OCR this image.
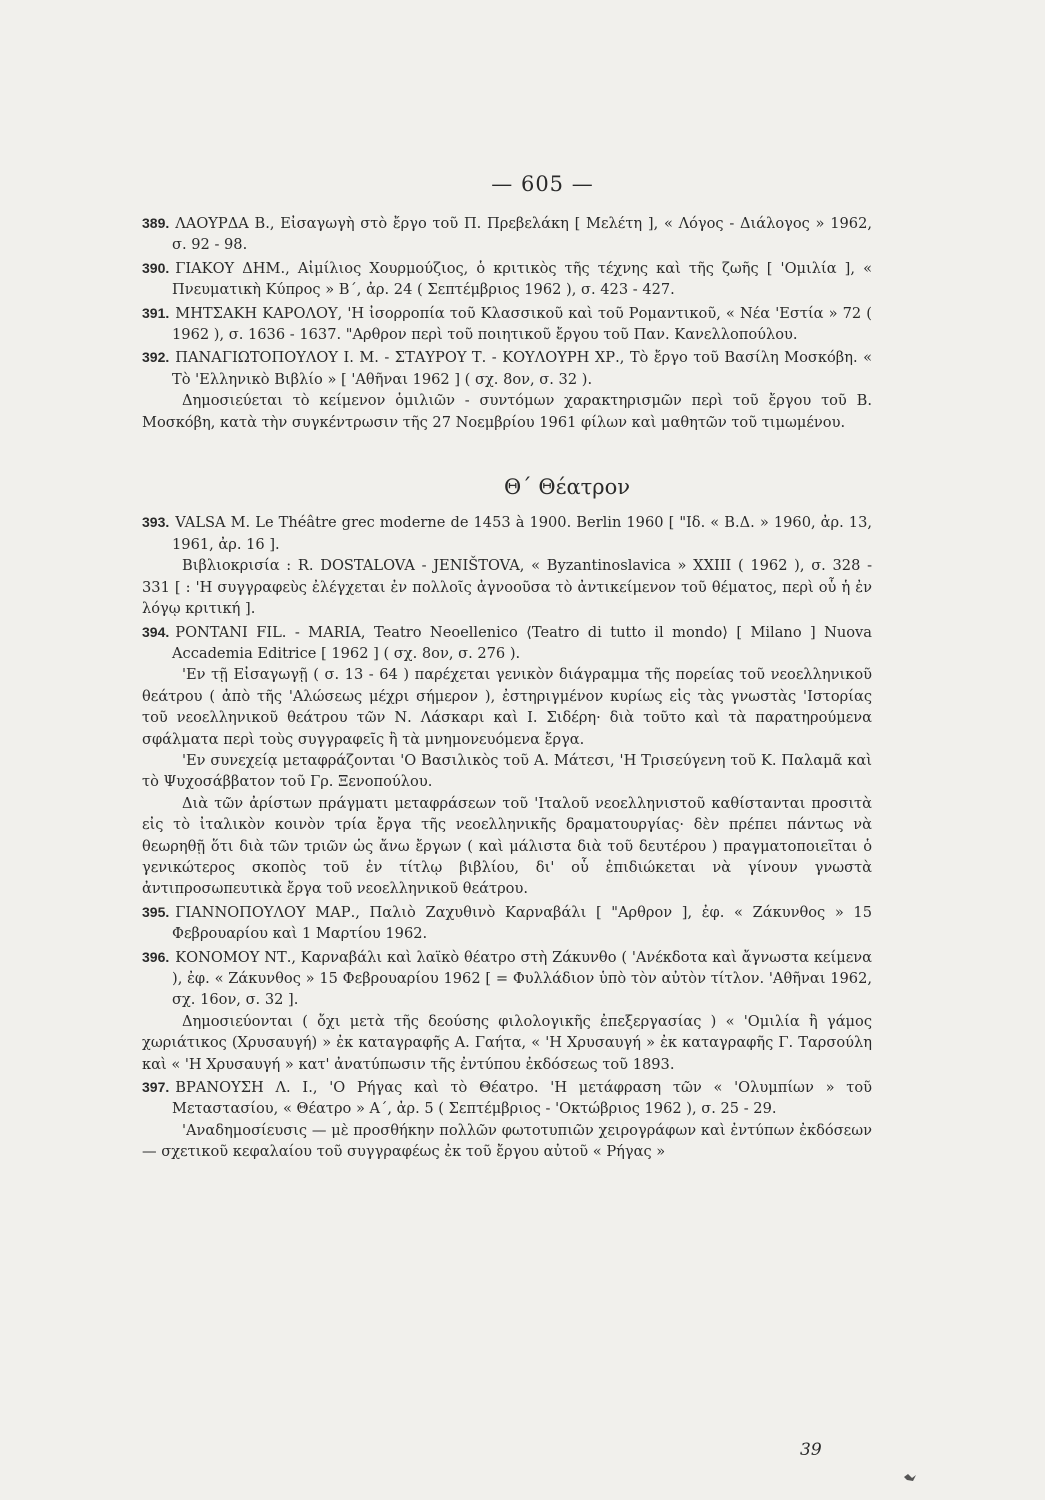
— 605 —

389. ΛΑΟΥΡΔΑ Β., Εἰσαγωγὴ στὸ ἔργο τοῦ Π. Πρεβελάκη [ Μελέτη ], « Λόγος - Διάλογος » 1962, σ. 92 - 98.

390. ΓΙΑΚΟΥ ΔΗΜ., Αἰμίλιος Χουρμούζιος, ὁ κριτικὸς τῆς τέχνης καὶ τῆς ζωῆς [ 'Ομιλία ], « Πνευματικὴ Κύπρος » Β΄, ἀρ. 24 ( Σεπτέμβριος 1962 ), σ. 423 - 427.

391. ΜΗΤΣΑΚΗ ΚΑΡΟΛΟΥ, 'Η ἰσορροπία τοῦ Κλασσικοῦ καὶ τοῦ Ρομαντικοῦ, « Νέα 'Εστία » 72 ( 1962 ), σ. 1636 - 1637. "Αρθρον περὶ τοῦ ποιητικοῦ ἔργου τοῦ Παν. Κανελλοπούλου.

392. ΠΑΝΑΓΙΩΤΟΠΟΥΛΟΥ Ι. Μ. - ΣΤΑΥΡΟΥ Τ. - ΚΟΥΛΟΥΡΗ ΧΡ., Τὸ ἔργο τοῦ Βασίλη Μοσκόβη. « Τὸ 'Ελληνικὸ Βιβλίο » [ 'Αθῆναι 1962 ] ( σχ. 8ον, σ. 32 ).

Δημοσιεύεται τὸ κείμενον ὁμιλιῶν - συντόμων χαρακτηρισμῶν περὶ τοῦ ἔργου τοῦ Β. Μοσκόβη, κατὰ τὴν συγκέντρωσιν τῆς 27 Νοεμβρίου 1961 φίλων καὶ μαθητῶν τοῦ τιμωμένου.

Θ΄ Θέατρον

393. VALSA M. Le Théâtre grec moderne de 1453 à 1900. Berlin 1960 [ "Ιδ. « Β.Δ. » 1960, ἀρ. 13, 1961, ἀρ. 16 ].

Βιβλιοκρισία : R. DOSTALOVA - JENIŠTOVA, « Byzantinoslavica » XXIII ( 1962 ), σ. 328 - 331 [ : 'Η συγγραφεὺς ἐλέγχεται ἐν πολλοῖς ἀγνοοῦσα τὸ ἀντικείμενον τοῦ θέματος, περὶ οὗ ἡ ἐν λόγῳ κριτική ].

394. PONTANI FIL. - MARIA, Teatro Neoellenico ⟨Teatro di tutto il mondo⟩ [ Milano ] Nuova Accademia Editrice [ 1962 ] ( σχ. 8ον, σ. 276 ).

'Εν τῇ Εἰσαγωγῇ ( σ. 13 - 64 ) παρέχεται γενικὸν διάγραμμα τῆς πορείας τοῦ νεοελληνικοῦ θεάτρου ( ἀπὸ τῆς 'Αλώσεως μέχρι σήμερον ), ἐστηριγμένον κυρίως εἰς τὰς γνωστὰς 'Ιστορίας τοῦ νεοελληνικοῦ θεάτρου τῶν Ν. Λάσκαρι καὶ Ι. Σιδέρη· διὰ τοῦτο καὶ τὰ παρατηρούμενα σφάλματα περὶ τοὺς συγγραφεῖς ἢ τὰ μνημονευόμενα ἔργα.

'Εν συνεχείᾳ μεταφράζονται 'Ο Βασιλικὸς τοῦ Α. Μάτεσι, 'Η Τρισεύγενη τοῦ Κ. Παλαμᾶ καὶ τὸ Ψυχοσάββατον τοῦ Γρ. Ξενοπούλου.

Διὰ τῶν ἀρίστων πράγματι μεταφράσεων τοῦ 'Ιταλοῦ νεοελληνιστοῦ καθίστανται προσιτὰ εἰς τὸ ἰταλικὸν κοινὸν τρία ἔργα τῆς νεοελληνικῆς δραματουργίας· δὲν πρέπει πάντως νὰ θεωρηθῇ ὅτι διὰ τῶν τριῶν ὡς ἄνω ἔργων ( καὶ μάλιστα διὰ τοῦ δευτέρου ) πραγματοποιεῖται ὁ γενικώτερος σκοπὸς τοῦ ἐν τίτλῳ βιβλίου, δι' οὗ ἐπιδιώκεται νὰ γίνουν γνωστὰ ἀντιπροσωπευτικὰ ἔργα τοῦ νεοελληνικοῦ θεάτρου.

395. ΓΙΑΝΝΟΠΟΥΛΟΥ ΜΑΡ., Παλιὸ Ζαχυθινὸ Καρναβάλι [ "Αρθρον ], ἐφ. « Ζάκυνθος » 15 Φεβρουαρίου καὶ 1 Μαρτίου 1962.

396. ΚΟΝΟΜΟΥ ΝΤ., Καρναβάλι καὶ λαϊκὸ θέατρο στὴ Ζάκυνθο ( 'Ανέκδοτα καὶ ἄγνωστα κείμενα ), ἐφ. « Ζάκυνθος » 15 Φεβρουαρίου 1962 [ = Φυλλάδιον ὑπὸ τὸν αὐτὸν τίτλον. 'Αθῆναι 1962, σχ. 16ον, σ. 32 ].

Δημοσιεύονται ( ὄχι μετὰ τῆς δεούσης φιλολογικῆς ἐπεξεργασίας ) « 'Ομιλία ἢ γάμος χωριάτικος (Χρυσαυγή) » ἐκ καταγραφῆς Α. Γαήτα, « 'Η Χρυσαυγή » ἐκ καταγραφῆς Γ. Ταρσούλη καὶ « 'Η Χρυσαυγή » κατ' ἀνατύπωσιν τῆς ἐντύπου ἐκδόσεως τοῦ 1893.

397. ΒΡΑΝΟΥΣΗ Λ. Ι., 'Ο Ρήγας καὶ τὸ Θέατρο. 'Η μετάφραση τῶν « 'Ολυμπίων » τοῦ Μεταστασίου, « Θέατρο » Α΄, ἀρ. 5 ( Σεπτέμβριος - 'Οκτώβριος 1962 ), σ. 25 - 29.

'Αναδημοσίευσις — μὲ προσθήκην πολλῶν φωτοτυπιῶν χειρογράφων καὶ ἐντύπων ἐκδόσεων — σχετικοῦ κεφαλαίου τοῦ συγγραφέως ἐκ τοῦ ἔργου αὐτοῦ « Ρήγας »

39
